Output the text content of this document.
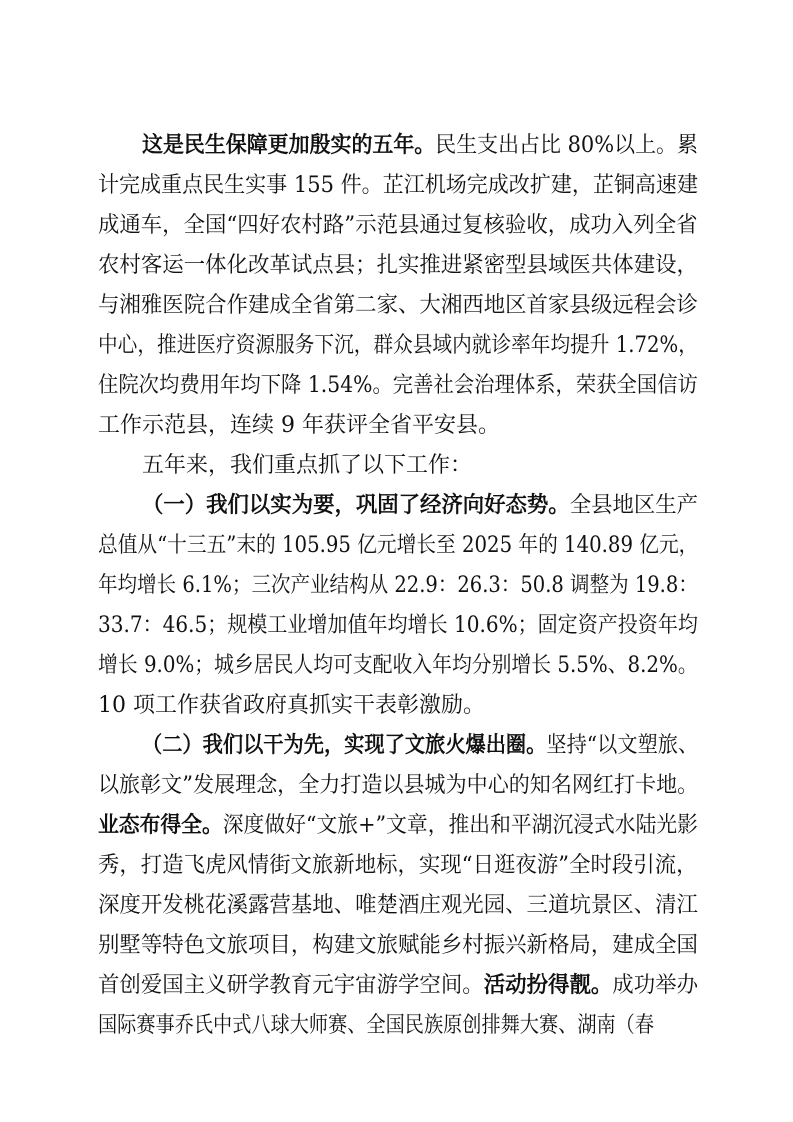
这是民生保障更加殷实的五年。民生支出占比 80%以上。累
计完成重点民生实事 155 件。芷江机场完成改扩建，芷铜高速建
成通车，全国“四好农村路”示范县通过复核验收，成功入列全省
农村客运一体化改革试点县；扎实推进紧密型县域医共体建设，
与湘雅医院合作建成全省第二家、大湘西地区首家县级远程会诊
中心，推进医疗资源服务下沉，群众县域内就诊率年均提升 1.72%，
住院次均费用年均下降 1.54%。完善社会治理体系，荣获全国信访
工作示范县，连续 9 年获评全省平安县。
五年来，我们重点抓了以下工作：
（一）我们以实为要，巩固了经济向好态势。全县地区生产
总值从“十三五”末的 105.95 亿元增长至 2025 年的 140.89 亿元，
年均增长 6.1%；三次产业结构从 22.9：26.3：50.8 调整为 19.8：
33.7：46.5；规模工业增加值年均增长 10.6%；固定资产投资年均
增长 9.0%；城乡居民人均可支配收入年均分别增长 5.5%、8.2%。
10 项工作获省政府真抓实干表彰激励。
（二）我们以干为先，实现了文旅火爆出圈。坚持“以文塑旅、
以旅彰文”发展理念，全力打造以县城为中心的知名网红打卡地。
业态布得全。深度做好“文旅+”文章，推出和平湖沉浸式水陆光影
秀，打造飞虎风情街文旅新地标，实现“日逛夜游”全时段引流，
深度开发桃花溪露营基地、唯楚酒庄观光园、三道坑景区、清江
别墅等特色文旅项目，构建文旅赋能乡村振兴新格局，建成全国
首创爱国主义研学教育元宇宙游学空间。活动扮得靓。成功举办
国际赛事乔氏中式八球大师赛、全国民族原创排舞大赛、湖南（春
